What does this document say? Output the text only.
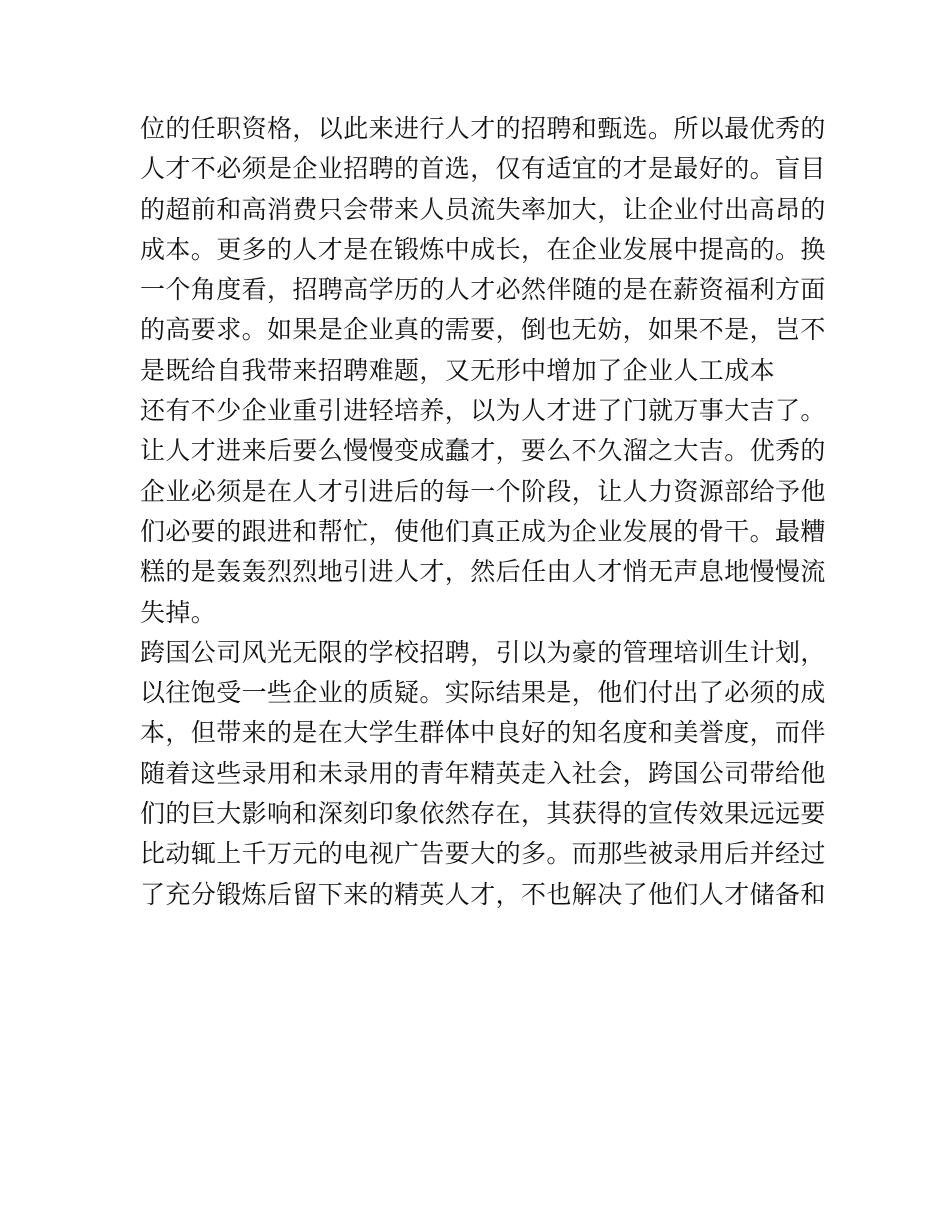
位的任职资格，以此来进行人才的招聘和甄选。所以最优秀的
人才不必须是企业招聘的首选，仅有适宜的才是最好的。盲目
的超前和高消费只会带来人员流失率加大，让企业付出高昂的
成本。更多的人才是在锻炼中成长，在企业发展中提高的。换
一个角度看，招聘高学历的人才必然伴随的是在薪资福利方面
的高要求。如果是企业真的需要，倒也无妨，如果不是，岂不
是既给自我带来招聘难题，又无形中增加了企业人工成本
还有不少企业重引进轻培养，以为人才进了门就万事大吉了。
让人才进来后要么慢慢变成蠢才，要么不久溜之大吉。优秀的
企业必须是在人才引进后的每一个阶段，让人力资源部给予他
们必要的跟进和帮忙，使他们真正成为企业发展的骨干。最糟
糕的是轰轰烈烈地引进人才，然后任由人才悄无声息地慢慢流
失掉。
跨国公司风光无限的学校招聘，引以为豪的管理培训生计划，
以往饱受一些企业的质疑。实际结果是，他们付出了必须的成
本，但带来的是在大学生群体中良好的知名度和美誉度，而伴
随着这些录用和未录用的青年精英走入社会，跨国公司带给他
们的巨大影响和深刻印象依然存在，其获得的宣传效果远远要
比动辄上千万元的电视广告要大的多。而那些被录用后并经过
了充分锻炼后留下来的精英人才，不也解决了他们人才储备和
